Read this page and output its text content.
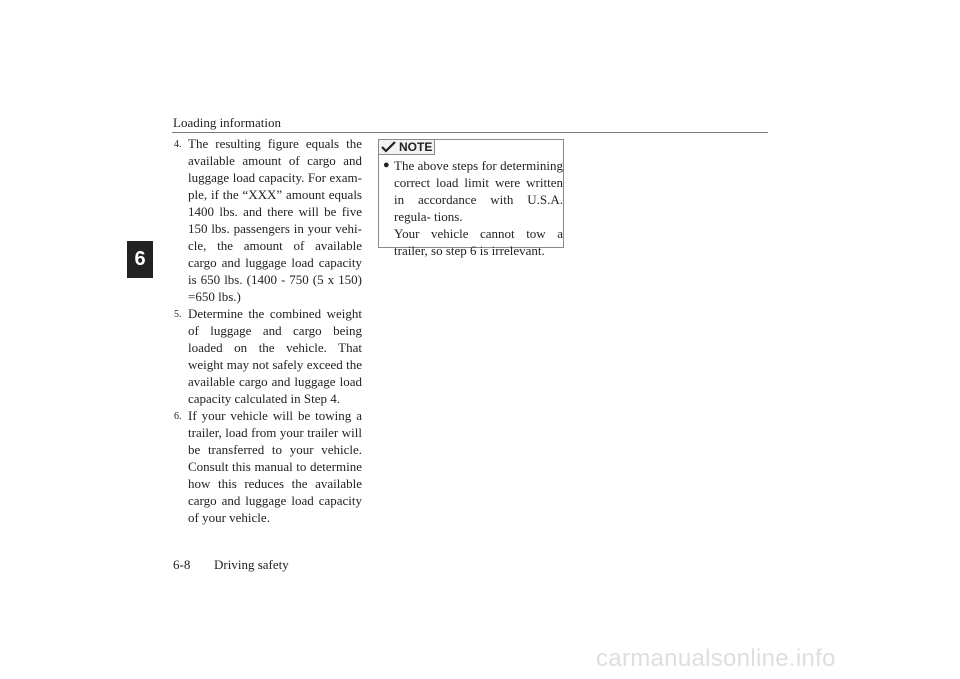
Loading information
6
4. The resulting figure equals the available amount of cargo and luggage load capacity. For exam- ple, if the “XXX” amount equals 1400 lbs. and there will be five 150 lbs. passengers in your vehi- cle, the amount of available cargo and luggage load capacity is 650 lbs. (1400 - 750 (5 x 150) =650 lbs.)
5. Determine the combined weight of luggage and cargo being loaded on the vehicle. That weight may not safely exceed the available cargo and luggage load capacity calculated in Step 4.
6. If your vehicle will be towing a trailer, load from your trailer will be transferred to your vehicle. Consult this manual to determine how this reduces the available cargo and luggage load capacity of your vehicle.
NOTE
● The above steps for determining correct load limit were written in accordance with U.S.A. regula- tions.
Your vehicle cannot tow a trailer, so step 6 is irrelevant.
6-8 Driving safety
carmanualsonline.info
